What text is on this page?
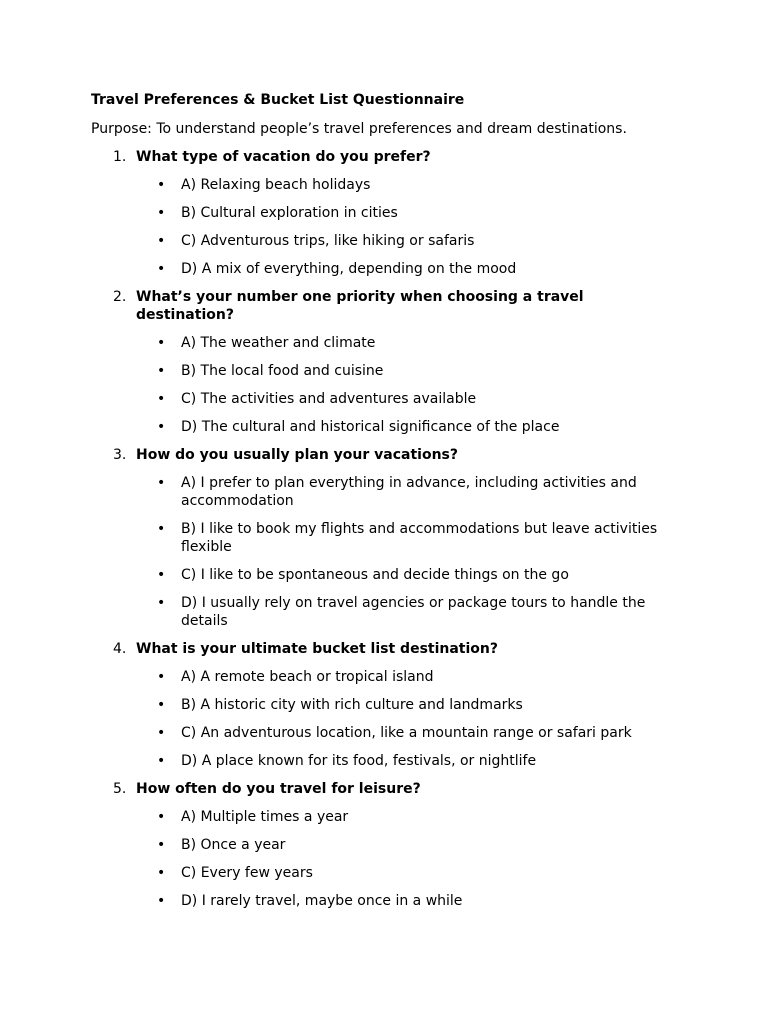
Travel Preferences & Bucket List Questionnaire
Purpose: To understand people’s travel preferences and dream destinations.
1. What type of vacation do you prefer?
•	A) Relaxing beach holidays
•	B) Cultural exploration in cities
•	C) Adventurous trips, like hiking or safaris
•	D) A mix of everything, depending on the mood
2. What’s your number one priority when choosing a travel destination?
•	A) The weather and climate
•	B) The local food and cuisine
•	C) The activities and adventures available
•	D) The cultural and historical significance of the place
3. How do you usually plan your vacations?
•	A) I prefer to plan everything in advance, including activities and accommodation
•	B) I like to book my flights and accommodations but leave activities flexible
•	C) I like to be spontaneous and decide things on the go
•	D) I usually rely on travel agencies or package tours to handle the details
4. What is your ultimate bucket list destination?
•	A) A remote beach or tropical island
•	B) A historic city with rich culture and landmarks
•	C) An adventurous location, like a mountain range or safari park
•	D) A place known for its food, festivals, or nightlife
5. How often do you travel for leisure?
•	A) Multiple times a year
•	B) Once a year
•	C) Every few years
•	D) I rarely travel, maybe once in a while
